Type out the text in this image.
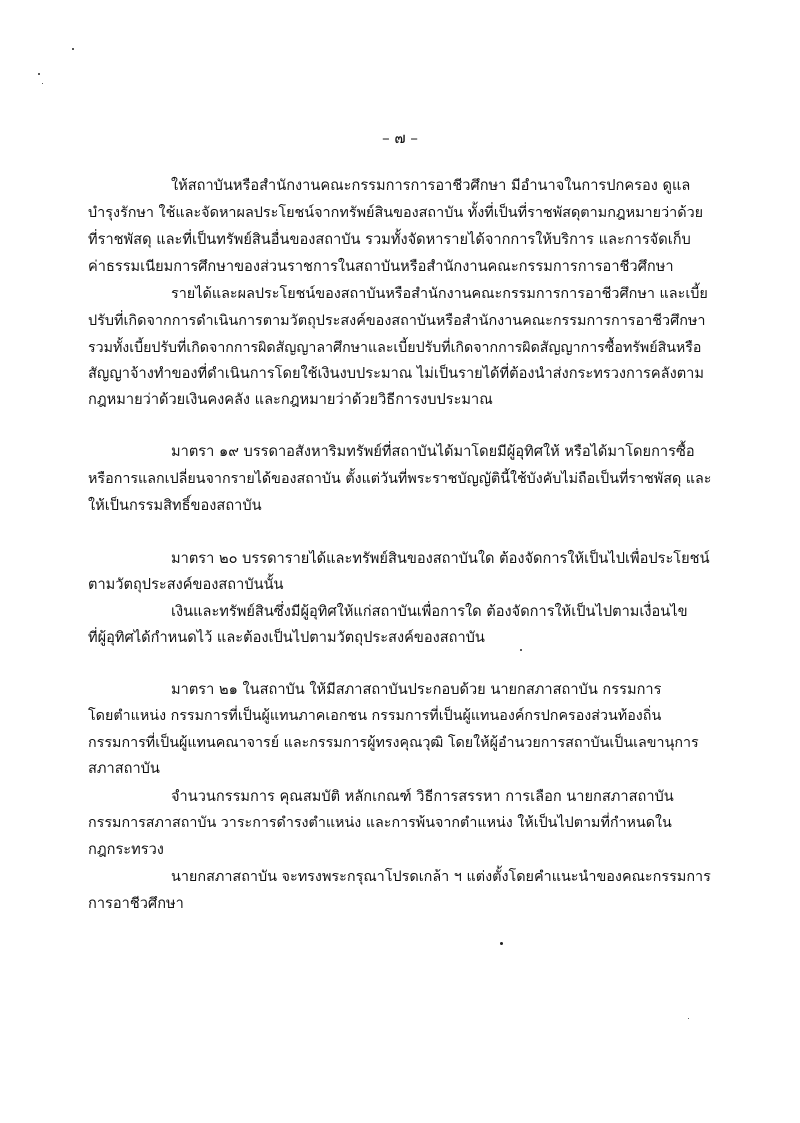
– ๗ –
ให้สถาบันหรือสำนักงานคณะกรรมการการอาชีวศึกษา มีอำนาจในการปกครอง ดูแล
บำรุงรักษา ใช้และจัดหาผลประโยชน์จากทรัพย์สินของสถาบัน ทั้งที่เป็นที่ราชพัสดุตามกฎหมายว่าด้วย
ที่ราชพัสดุ และที่เป็นทรัพย์สินอื่นของสถาบัน รวมทั้งจัดหารายได้จากการให้บริการ และการจัดเก็บ
ค่าธรรมเนียมการศึกษาของส่วนราชการในสถาบันหรือสำนักงานคณะกรรมการการอาชีวศึกษา
รายได้และผลประโยชน์ของสถาบันหรือสำนักงานคณะกรรมการการอาชีวศึกษา และเบี้ย
ปรับที่เกิดจากการดำเนินการตามวัตถุประสงค์ของสถาบันหรือสำนักงานคณะกรรมการการอาชีวศึกษา
รวมทั้งเบี้ยปรับที่เกิดจากการผิดสัญญาลาศึกษาและเบี้ยปรับที่เกิดจากการผิดสัญญาการซื้อทรัพย์สินหรือ
สัญญาจ้างทำของที่ดำเนินการโดยใช้เงินงบประมาณ ไม่เป็นรายได้ที่ต้องนำส่งกระทรวงการคลังตาม
กฎหมายว่าด้วยเงินคงคลัง และกฎหมายว่าด้วยวิธีการงบประมาณ
มาตรา ๑๙ บรรดาอสังหาริมทรัพย์ที่สถาบันได้มาโดยมีผู้อุทิศให้ หรือได้มาโดยการซื้อ
หรือการแลกเปลี่ยนจากรายได้ของสถาบัน ตั้งแต่วันที่พระราชบัญญัตินี้ใช้บังคับไม่ถือเป็นที่ราชพัสดุ และ
ให้เป็นกรรมสิทธิ์ของสถาบัน
มาตรา ๒๐ บรรดารายได้และทรัพย์สินของสถาบันใด ต้องจัดการให้เป็นไปเพื่อประโยชน์
ตามวัตถุประสงค์ของสถาบันนั้น
เงินและทรัพย์สินซึ่งมีผู้อุทิศให้แก่สถาบันเพื่อการใด ต้องจัดการให้เป็นไปตามเงื่อนไข
ที่ผู้อุทิศได้กำหนดไว้ และต้องเป็นไปตามวัตถุประสงค์ของสถาบัน
มาตรา ๒๑ ในสถาบัน ให้มีสภาสถาบันประกอบด้วย นายกสภาสถาบัน กรรมการ
โดยตำแหน่ง กรรมการที่เป็นผู้แทนภาคเอกชน กรรมการที่เป็นผู้แทนองค์กรปกครองส่วนท้องถิ่น
กรรมการที่เป็นผู้แทนคณาจารย์ และกรรมการผู้ทรงคุณวุฒิ โดยให้ผู้อำนวยการสถาบันเป็นเลขานุการ
สภาสถาบัน
จำนวนกรรมการ คุณสมบัติ หลักเกณฑ์ วิธีการสรรหา การเลือก นายกสภาสถาบัน
กรรมการสภาสถาบัน วาระการดำรงตำแหน่ง และการพ้นจากตำแหน่ง ให้เป็นไปตามที่กำหนดใน
กฎกระทรวง
นายกสภาสถาบัน จะทรงพระกรุณาโปรดเกล้า ฯ แต่งตั้งโดยคำแนะนำของคณะกรรมการ
การอาชีวศึกษา
